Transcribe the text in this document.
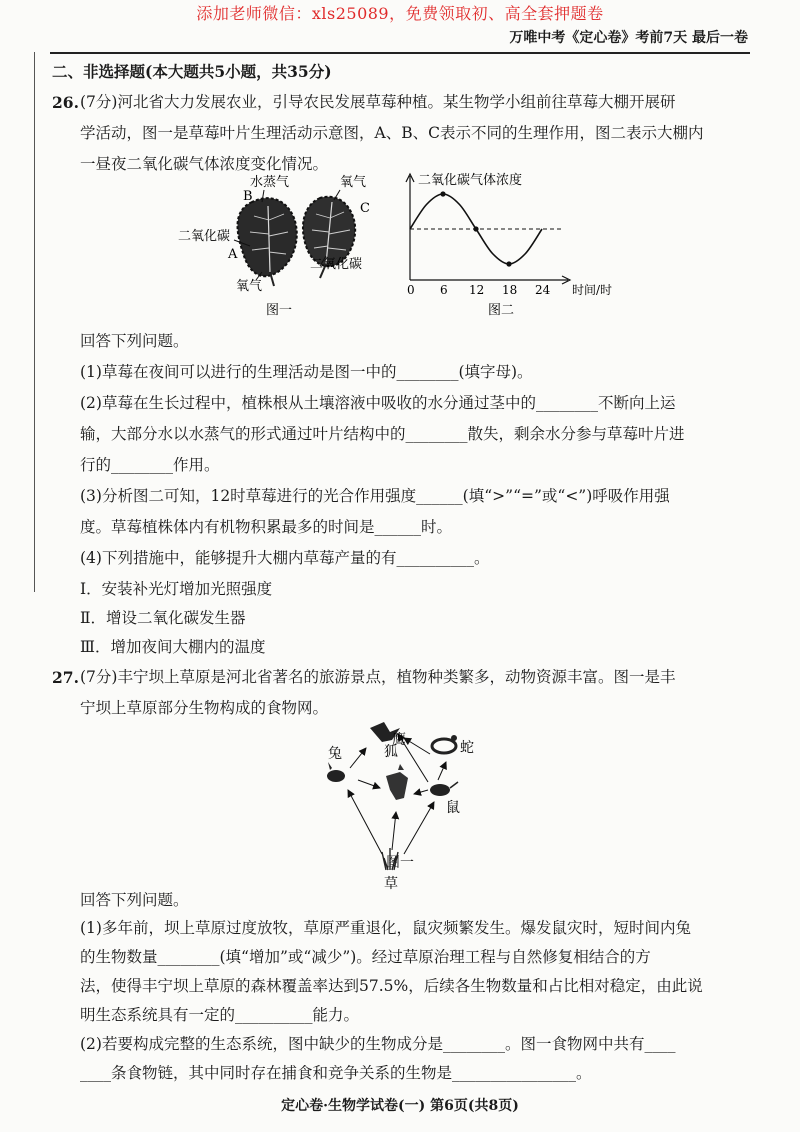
添加老师微信：xls25089，免费领取初、高全套押题卷
万唯中考《定心卷》考前7天 最后一卷
二、非选择题(本大题共5小题，共35分)
26. (7分)河北省大力发展农业，引导农民发展草莓种植。某生物学小组前往草莓大棚开展研
学活动，图一是草莓叶片生理活动示意图，A、B、C表示不同的生理作用，图二表示大棚内
一昼夜二氧化碳气体浓度变化情况。
水蒸气	氧气
B
C
二氧化碳
A
二氧化碳
氧气
图一
二氧化碳气体浓度
时间/时
0 6 12 18 24
图二
回答下列问题。
(1)草莓在夜间可以进行的生理活动是图一中的________(填字母)。
(2)草莓在生长过程中，植株根从土壤溶液中吸收的水分通过茎中的________不断向上运
输，大部分水以水蒸气的形式通过叶片结构中的________散失，剩余水分参与草莓叶片进
行的________作用。
(3)分析图二可知，12时草莓进行的光合作用强度______(填“>”“=”或“<”)呼吸作用强
度。草莓植株体内有机物积累最多的时间是______时。
(4)下列措施中，能够提升大棚内草莓产量的有__________。
Ⅰ．安装补光灯增加光照强度
Ⅱ．增设二氧化碳发生器
Ⅲ．增加夜间大棚内的温度
27. (7分)丰宁坝上草原是河北省著名的旅游景点，植物种类繁多，动物资源丰富。图一是丰
宁坝上草原部分生物构成的食物网。
鹰	蛇
兔	狐
鼠
草
图一
回答下列问题。
(1)多年前，坝上草原过度放牧，草原严重退化，鼠灾频繁发生。爆发鼠灾时，短时间内兔
的生物数量________(填“增加”或“减少”)。经过草原治理工程与自然修复相结合的方
法，使得丰宁坝上草原的森林覆盖率达到57.5%，后续各生物数量和占比相对稳定，由此说
明生态系统具有一定的__________能力。
(2)若要构成完整的生态系统，图中缺少的生物成分是________。图一食物网中共有____
____条食物链，其中同时存在捕食和竞争关系的生物是________________。
定心卷·生物学试卷(一) 第6页(共8页)
